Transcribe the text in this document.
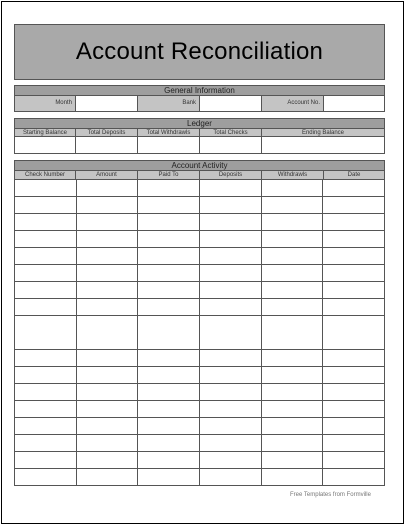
Account Reconciliation
General Information
Month	Bank	Account No.
Ledger
Starting Balance	Total Deposits	Total Withdrawls	Total Checks	Ending Balance
Account Activity
Check Number	Amount	Paid To	Deposits	Withdrawls	Date
Free Templates from Formville
